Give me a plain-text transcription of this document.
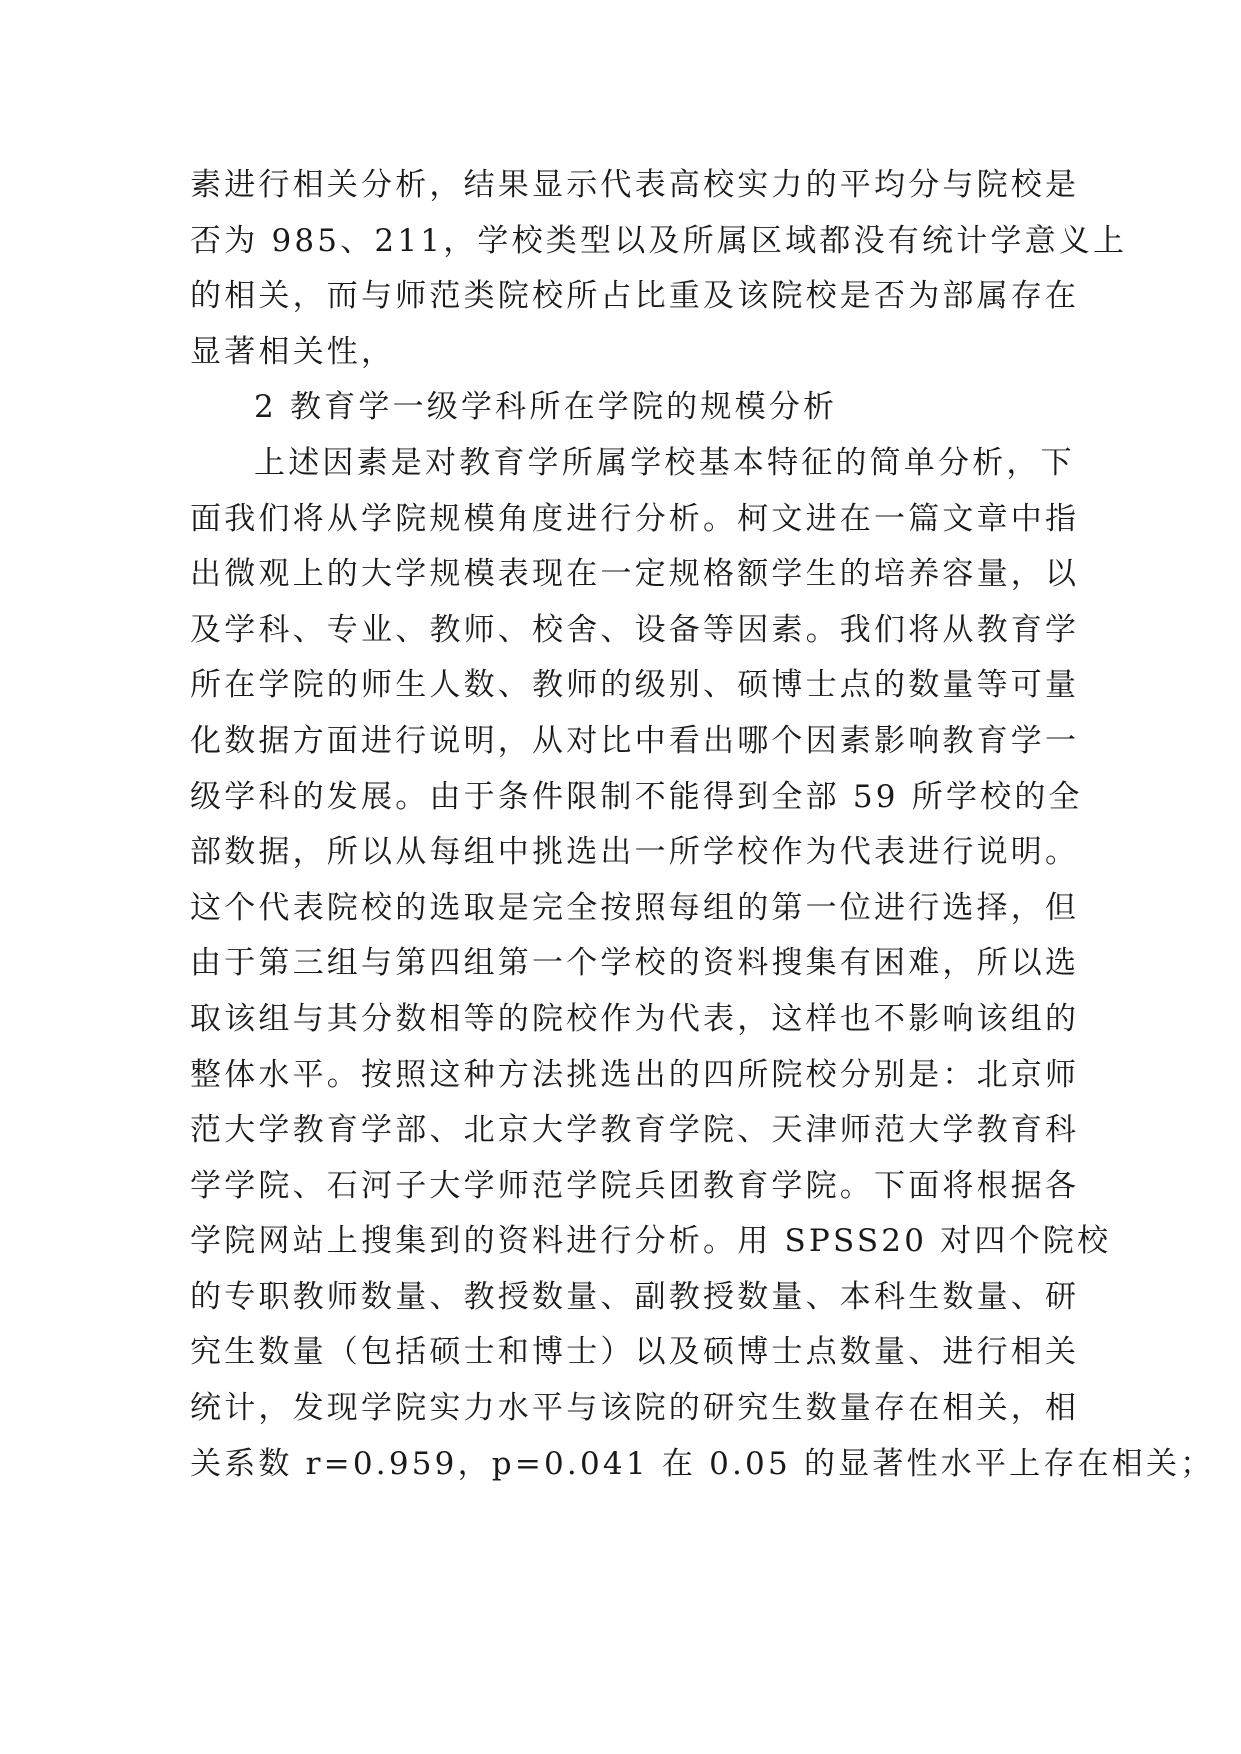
素进行相关分析，结果显示代表高校实力的平均分与院校是
否为 985、211，学校类型以及所属区域都没有统计学意义上
的相关，而与师范类院校所占比重及该院校是否为部属存在
显著相关性，
2 教育学一级学科所在学院的规模分析
上述因素是对教育学所属学校基本特征的简单分析，下
面我们将从学院规模角度进行分析。柯文进在一篇文章中指
出微观上的大学规模表现在一定规格额学生的培养容量，以
及学科、专业、教师、校舍、设备等因素。我们将从教育学
所在学院的师生人数、教师的级别、硕博士点的数量等可量
化数据方面进行说明，从对比中看出哪个因素影响教育学一
级学科的发展。由于条件限制不能得到全部 59 所学校的全
部数据，所以从每组中挑选出一所学校作为代表进行说明。
这个代表院校的选取是完全按照每组的第一位进行选择，但
由于第三组与第四组第一个学校的资料搜集有困难，所以选
取该组与其分数相等的院校作为代表，这样也不影响该组的
整体水平。按照这种方法挑选出的四所院校分别是：北京师
范大学教育学部、北京大学教育学院、天津师范大学教育科
学学院、石河子大学师范学院兵团教育学院。下面将根据各
学院网站上搜集到的资料进行分析。用 SPSS20 对四个院校
的专职教师数量、教授数量、副教授数量、本科生数量、研
究生数量（包括硕士和博士）以及硕博士点数量、进行相关
统计，发现学院实力水平与该院的研究生数量存在相关，相
关系数 r=0.959，p=0.041 在 0.05 的显著性水平上存在相关；
